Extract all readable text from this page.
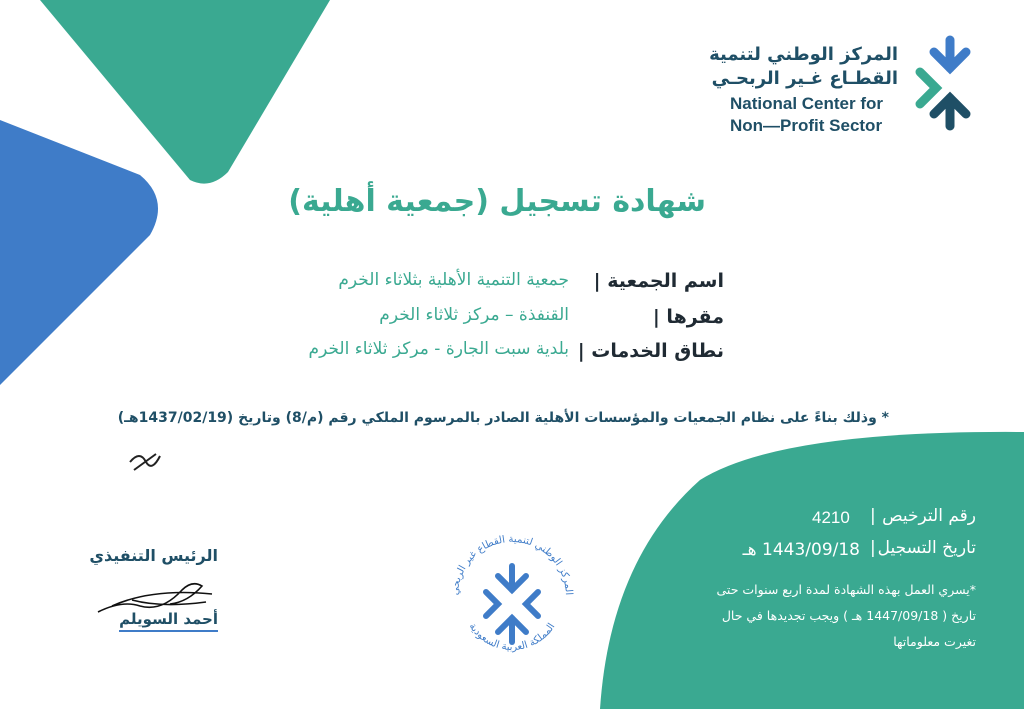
المركز الوطني لتنمية
القطـاع غـير الربحـي
National Center for
Non—Profit Sector
شهادة تسجيل (جمعية أهلية)
اسم الجمعية |
جمعية التنمية الأهلية بثلاثاء الخرم
مقرها |
القنفذة – مركز ثلاثاء الخرم
نطاق الخدمات |
بلدية سبت الجارة - مركز ثلاثاء الخرم
* وذلك بناءً على نظام الجمعيات والمؤسسات الأهلية الصادر بالمرسوم الملكي رقم (م/8) وتاريخ (1437/02/19هـ)
المركز الوطني لتنمية القطاع غير الربحي
المملكة العربية السعودية
الرئيس التنفيذي
أحمد السويلم
رقم الترخيص
|
4210
تاريخ التسجيل
|
1443/09/18 هـ
*يسري العمل بهذه الشهادة لمدة اربع سنوات حتى
تاريخ ( 1447/09/18 هـ ) ويجب تجديدها في حال
تغيرت معلوماتها
